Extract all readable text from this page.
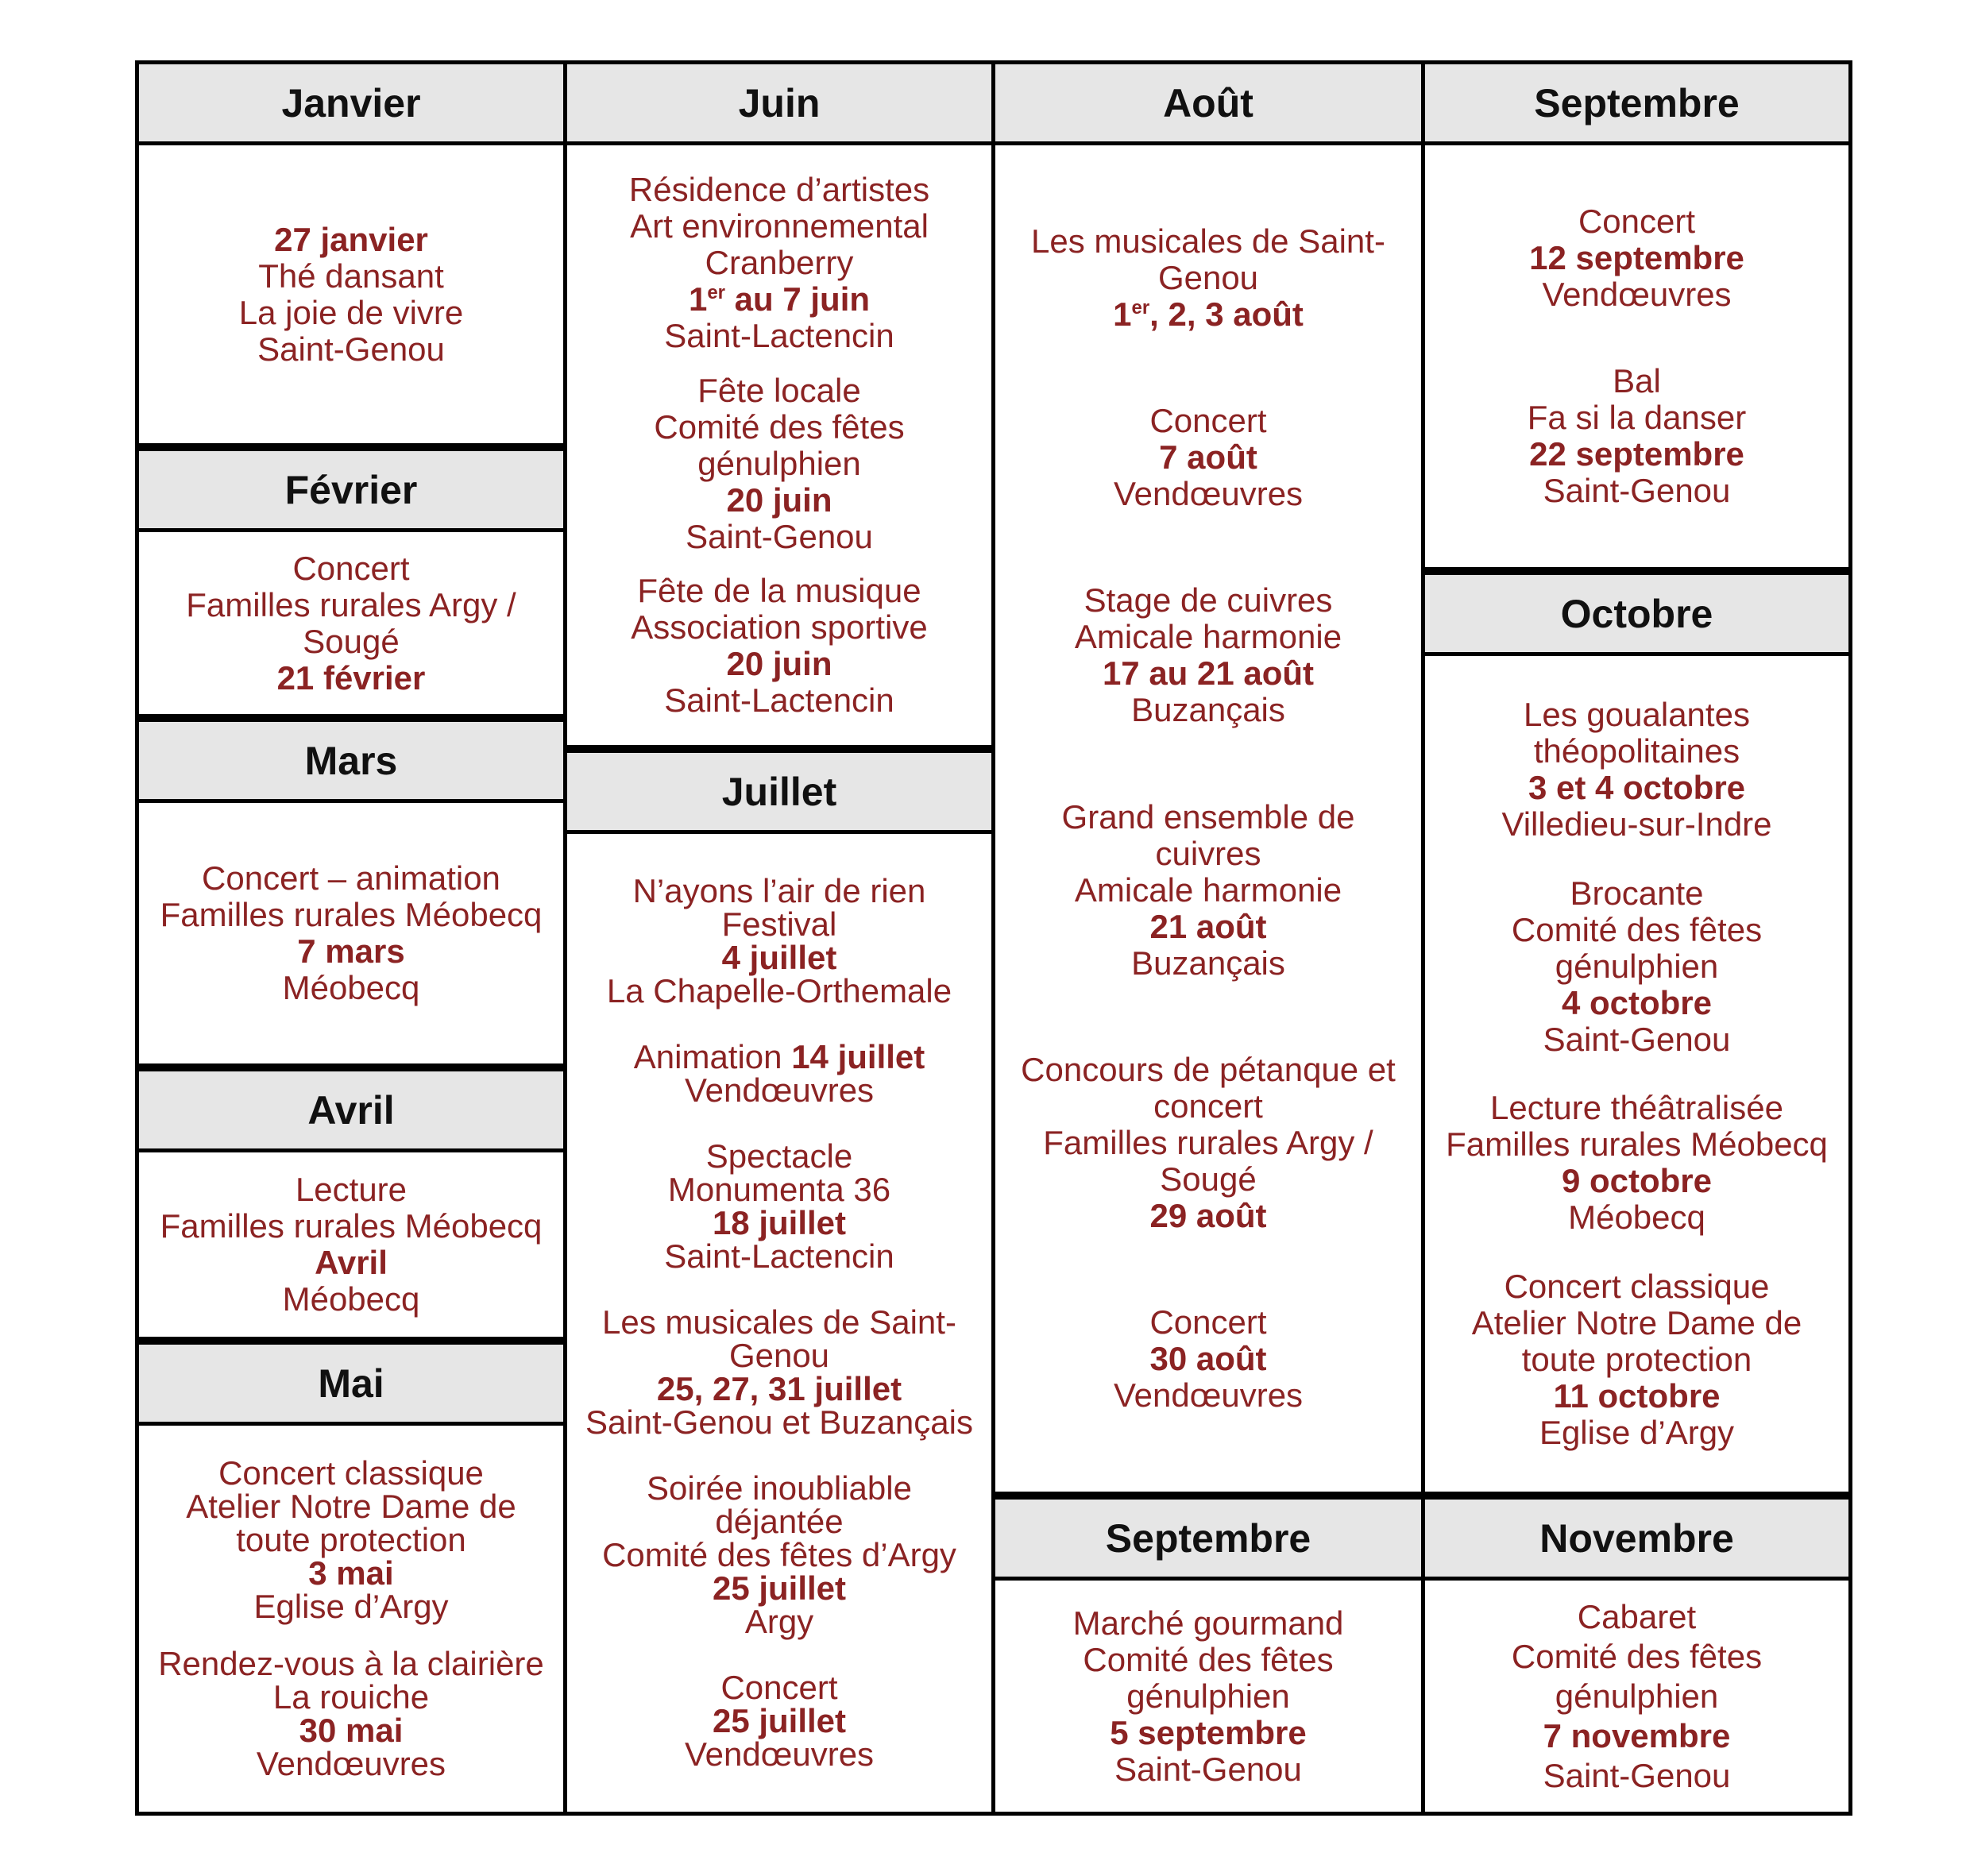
Janvier
27 janvier
Thé dansant
La joie de vivre
Saint-Genou
Février
Concert
Familles rurales Argy /
Sougé
21 février
Mars
Concert – animation
Familles rurales Méobecq
7 mars
Méobecq
Avril
Lecture
Familles rurales Méobecq
Avril
Méobecq
Mai
Concert classique
Atelier Notre Dame de
toute protection
3 mai
Eglise d’Argy
Rendez-vous à la clairière
La rouiche
30 mai
Vendœuvres
Juin
Résidence d’artistes
Art environnemental
Cranberry
1er au 7 juin
Saint-Lactencin
Fête locale
Comité des fêtes
génulphien
20 juin
Saint-Genou
Fête de la musique
Association sportive
20 juin
Saint-Lactencin
Juillet
N’ayons l’air de rien
Festival
4 juillet
La Chapelle-Orthemale
Animation 14 juillet
Vendœuvres
Spectacle
Monumenta 36
18 juillet
Saint-Lactencin
Les musicales de Saint-
Genou
25, 27, 31 juillet
Saint-Genou et Buzançais
Soirée inoubliable
déjantée
Comité des fêtes d’Argy
25 juillet
Argy
Concert
25 juillet
Vendœuvres
Août
Les musicales de Saint-
Genou
1er, 2, 3 août
Concert
7 août
Vendœuvres
Stage de cuivres
Amicale harmonie
17 au 21 août
Buzançais
Grand ensemble de
cuivres
Amicale harmonie
21 août
Buzançais
Concours de pétanque et
concert
Familles rurales Argy /
Sougé
29 août
Concert
30 août
Vendœuvres
Septembre
Marché gourmand
Comité des fêtes
génulphien
5 septembre
Saint-Genou
Septembre
Concert
12 septembre
Vendœuvres
Bal
Fa si la danser
22 septembre
Saint-Genou
Octobre
Les goualantes
théopolitaines
3 et 4 octobre
Villedieu-sur-Indre
Brocante
Comité des fêtes
génulphien
4 octobre
Saint-Genou
Lecture théâtralisée
Familles rurales Méobecq
9 octobre
Méobecq
Concert classique
Atelier Notre Dame de
toute protection
11 octobre
Eglise d’Argy
Novembre
Cabaret
Comité des fêtes
génulphien
7 novembre
Saint-Genou
